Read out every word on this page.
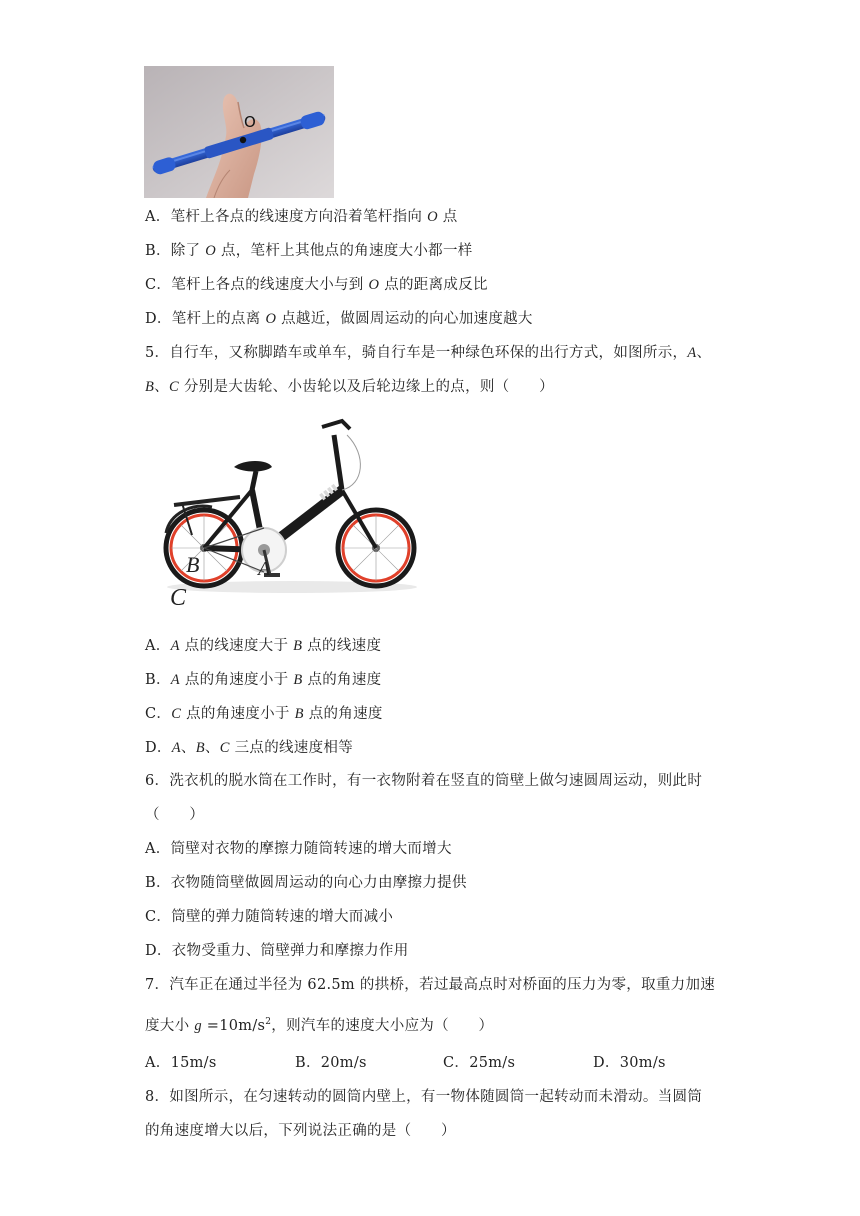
O
A．笔杆上各点的线速度方向沿着笔杆指向 O 点
B．除了 O 点，笔杆上其他点的角速度大小都一样
C．笔杆上各点的线速度大小与到 O 点的距离成反比
D．笔杆上的点离 O 点越近，做圆周运动的向心加速度越大
5．自行车，又称脚踏车或单车，骑自行车是一种绿色环保的出行方式，如图所示，A、
B、C 分别是大齿轮、小齿轮以及后轮边缘上的点，则（　　）
▮▮▮▮
B	A
C
A．A 点的线速度大于 B 点的线速度
B．A 点的角速度小于 B 点的角速度
C．C 点的角速度小于 B 点的角速度
D．A、B、C 三点的线速度相等
6．洗衣机的脱水筒在工作时，有一衣物附着在竖直的筒壁上做匀速圆周运动，则此时
（　　）
A．筒壁对衣物的摩擦力随筒转速的增大而增大
B．衣物随筒壁做圆周运动的向心力由摩擦力提供
C．筒壁的弹力随筒转速的增大而减小
D．衣物受重力、筒壁弹力和摩擦力作用
7．汽车正在通过半径为 62.5m 的拱桥，若过最高点时对桥面的压力为零，取重力加速
度大小 $g =10m/s^2$，则汽车的速度大小应为（　　）
A．15m/s	B．20m/s	C．25m/s	D．30m/s
8．如图所示，在匀速转动的圆筒内壁上，有一物体随圆筒一起转动而未滑动。当圆筒
的角速度增大以后，下列说法正确的是（　　）
